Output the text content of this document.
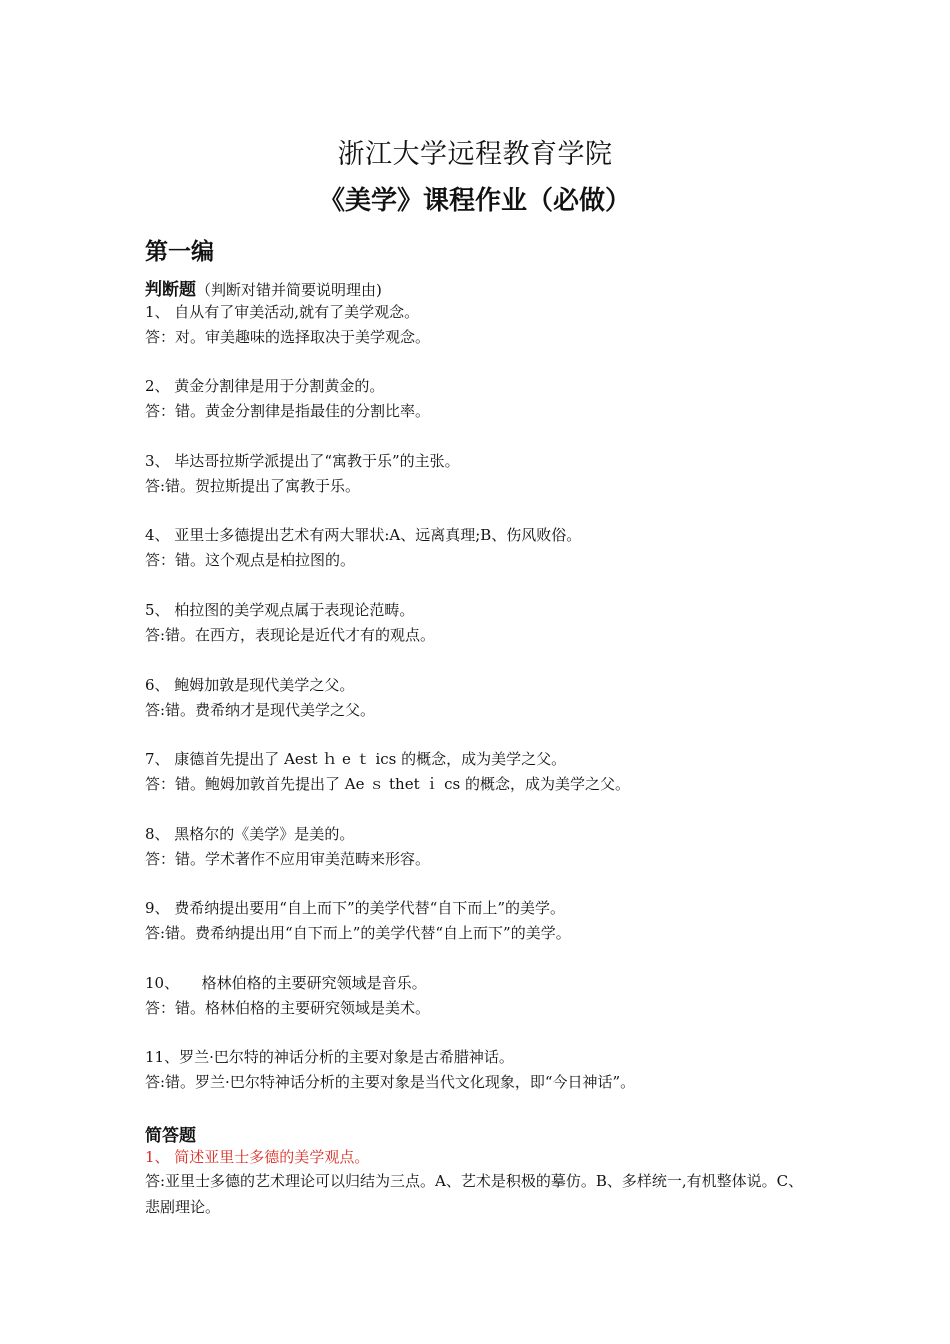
浙江大学远程教育学院
《美学》课程作业（必做）
第一编
判断题（判断对错并简要说明理由)
1、 自从有了审美活动,就有了美学观念。
答：对。审美趣味的选择取决于美学观念。
2、 黄金分割律是用于分割黄金的。
答：错。黄金分割律是指最佳的分割比率。
3、 毕达哥拉斯学派提出了“寓教于乐”的主张。
答:错。贺拉斯提出了寓教于乐。
4、 亚里士多德提出艺术有两大罪状:A、远离真理;B、伤风败俗。
答：错。这个观点是柏拉图的。
5、 柏拉图的美学观点属于表现论范畴。
答:错。在西方，表现论是近代才有的观点。
6、 鲍姆加敦是现代美学之父。
答:错。费希纳才是现代美学之父。
7、 康德首先提出了 Aest ｈ e ｔ ics 的概念，成为美学之父。
答：错。鲍姆加敦首先提出了 Ae ｓ thet ｉ cs 的概念，成为美学之父。
8、 黑格尔的《美学》是美的。
答：错。学术著作不应用审美范畴来形容。
9、 费希纳提出要用“自上而下”的美学代替“自下而上”的美学。
答:错。费希纳提出用“自下而上”的美学代替“自上而下”的美学。
10、　　格林伯格的主要研究领域是音乐。
答：错。格林伯格的主要研究领域是美术。
11、罗兰·巴尔特的神话分析的主要对象是古希腊神话。
答:错。罗兰·巴尔特神话分析的主要对象是当代文化现象，即“今日神话”。
简答题
1、 简述亚里士多德的美学观点。
答:亚里士多德的艺术理论可以归结为三点。A、艺术是积极的摹仿。B、多样统一,有机整体说。C、悲剧理论。
